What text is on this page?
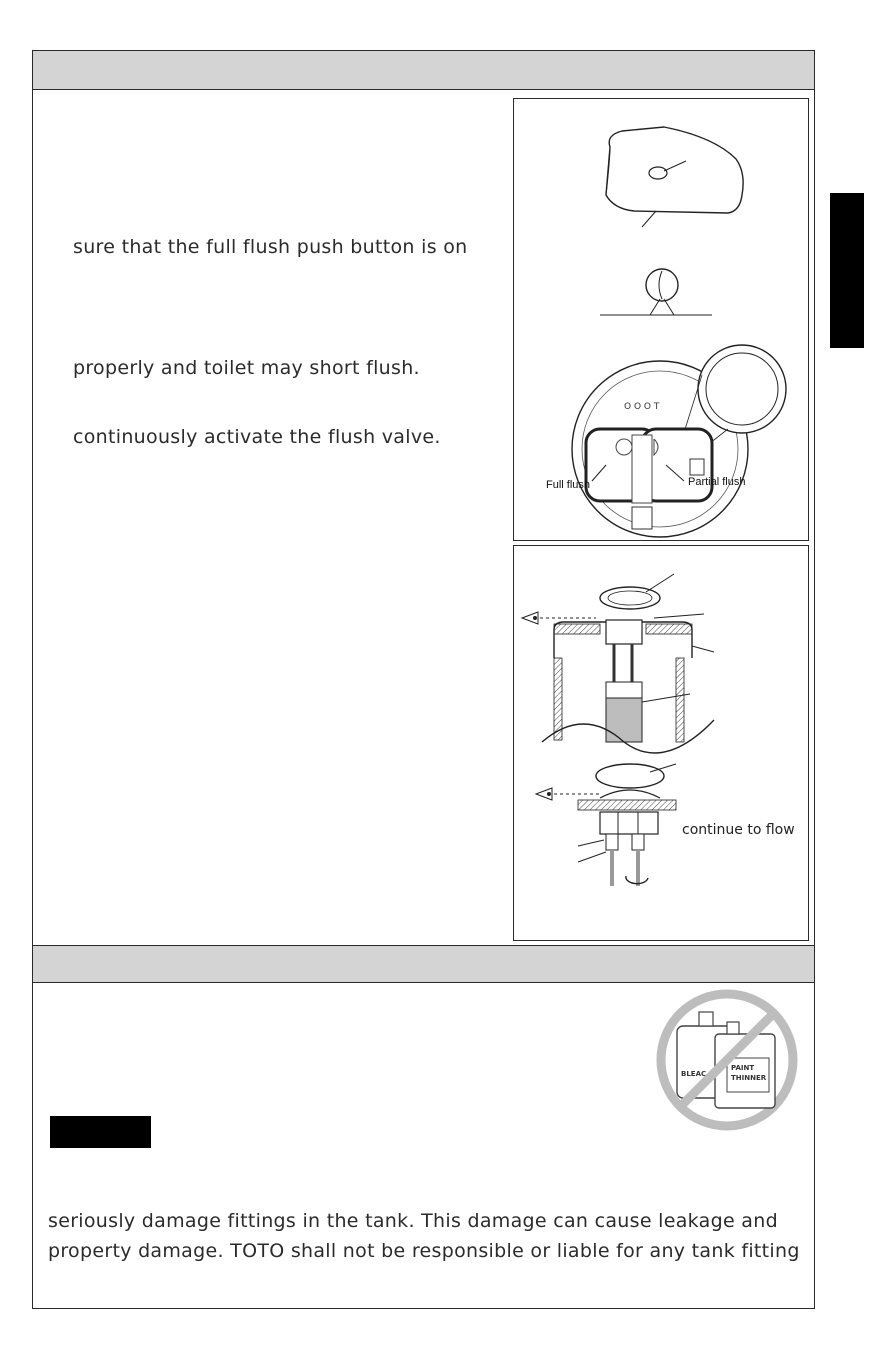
sure that the full flush push button is on
properly and toilet may short flush.
continuously activate the flush valve.
O O O T
Full flush	Partial flush
continue to flow
BLEAC
PAINT
THINNER
seriously damage fittings in the tank. This damage can cause leakage and
property damage. TOTO shall not be responsible or liable for any tank fitting
